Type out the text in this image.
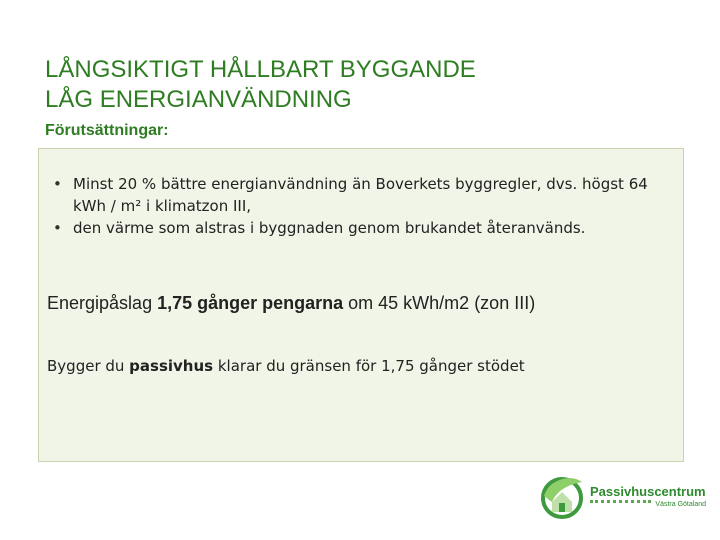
LÅNGSIKTIGT HÅLLBART BYGGANDE
LÅG ENERGIANVÄNDNING
Förutsättningar:
• Minst 20 % bättre energianvändning än Boverkets byggregler, dvs. högst 64 kWh / m² i klimatzon III,
• den värme som alstras i byggnaden genom brukandet återanvänds.
Energipåslag 1,75 gånger pengarna om 45 kWh/m2 (zon III)
Bygger du passivhus klarar du gränsen för 1,75 gånger stödet
Passivhuscentrum
Västra Götaland
